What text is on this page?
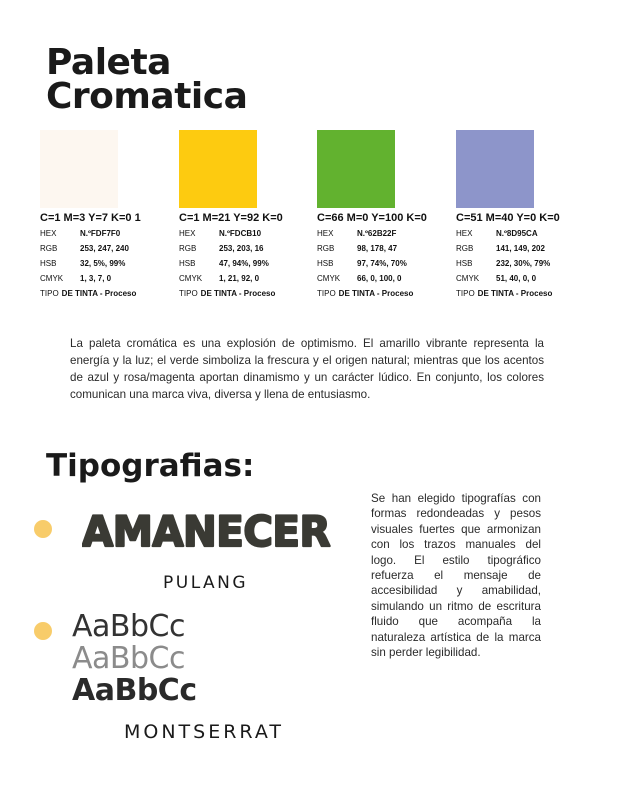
Paleta
Cromatica
C=1 M=3 Y=7 K=0 1
HEX	N.ºFDF7F0
RGB	253, 247, 240
HSB	32, 5%, 99%
CMYK	1, 3, 7, 0
TIPO DE TINTA - Proceso
C=1 M=21 Y=92 K=0
HEX	N.ºFDCB10
RGB	253, 203, 16
HSB	47, 94%, 99%
CMYK	1, 21, 92, 0
TIPO DE TINTA - Proceso
C=66 M=0 Y=100 K=0
HEX	N.º62B22F
RGB	98, 178, 47
HSB	97, 74%, 70%
CMYK	66, 0, 100, 0
TIPO DE TINTA - Proceso
C=51 M=40 Y=0 K=0
HEX	N.º8D95CA
RGB	141, 149, 202
HSB	232, 30%, 79%
CMYK	51, 40, 0, 0
TIPO DE TINTA - Proceso

La paleta cromática es una explosión de optimismo. El amarillo vibrante representa la energía y la luz; el verde simboliza la frescura y el origen natural; mientras que los acentos de azul y rosa/magenta aportan dinamismo y un carácter lúdico. En conjunto, los colores comunican una marca viva, diversa y llena de entusiasmo.

Tipografias:
AMANECER
PULANG
AaBbCc
AaBbCc
AaBbCc
MONTSERRAT

Se han elegido tipografías con formas redondeadas y pesos visuales fuertes que armonizan con los trazos manuales del logo. El estilo tipográfico refuerza el mensaje de accesibilidad y amabilidad, simulando un ritmo de escritura fluido que acompaña la naturaleza artística de la marca sin perder legibilidad.
